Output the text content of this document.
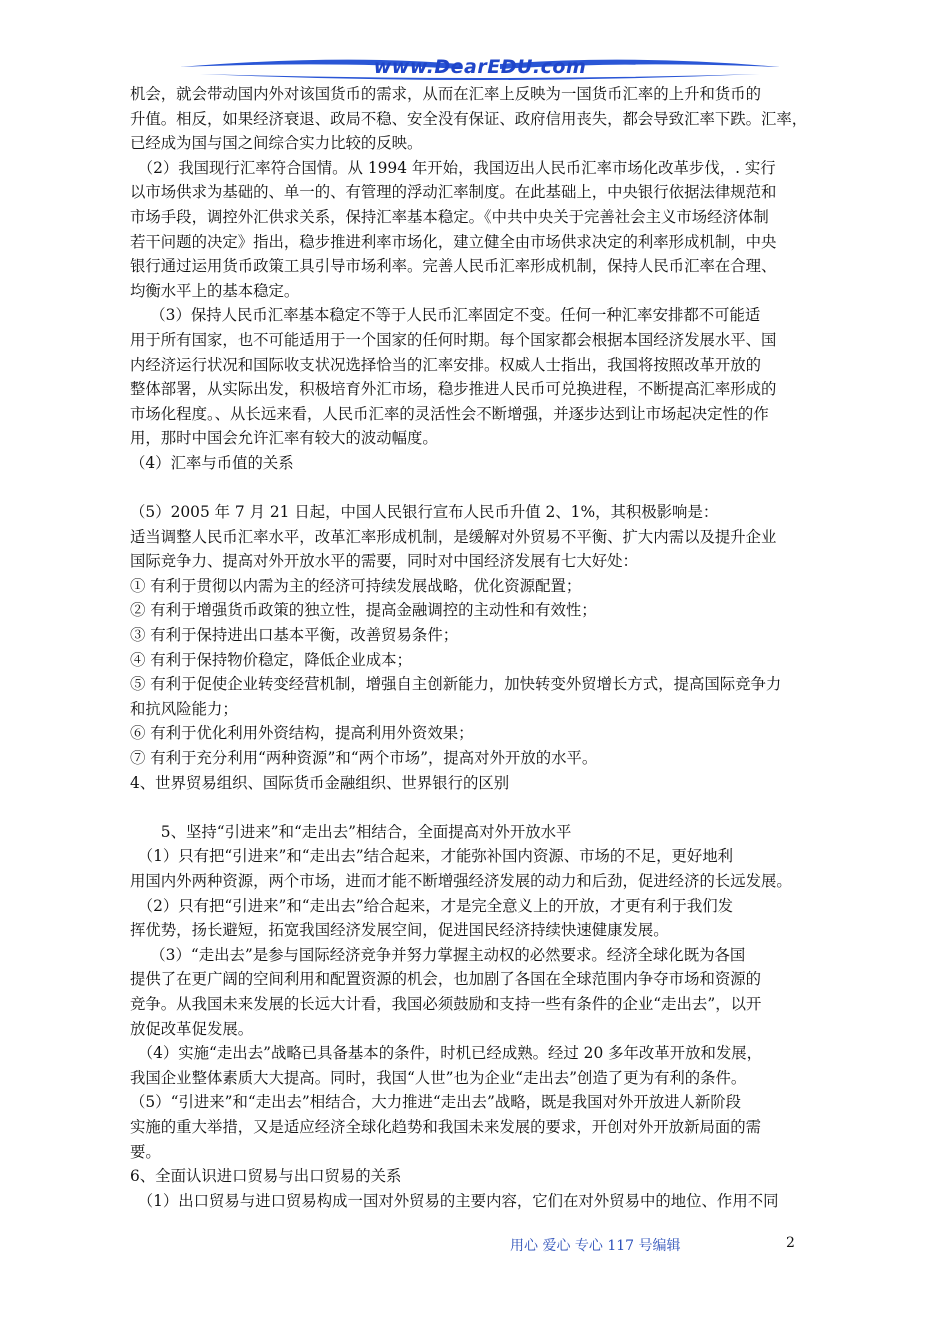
www.DearEDU.com
机会，就会带动国内外对该国货币的需求，从而在汇率上反映为一国货币汇率的上升和货币的
升值。相反，如果经济衰退、政局不稳、安全没有保证、政府信用丧失，都会导致汇率下跌。汇率，
已经成为国与国之间综合实力比较的反映。
　（2）我国现行汇率符合国情。从 1994 年开始，我国迈出人民币汇率市场化改革步伐，. 实行
以市场供求为基础的、单一的、有管理的浮动汇率制度。在此基础上，中央银行依据法律规范和
市场手段，调控外汇供求关系，保持汇率基本稳定。《中共中央关于完善社会主义市场经济体制
若干问题的决定》指出，稳步推进利率市场化，建立健全由市场供求决定的利率形成机制，中央
银行通过运用货币政策工具引导市场利率。完善人民币汇率形成机制，保持人民币汇率在合理、
均衡水平上的基本稳定。
　 （3）保持人民币汇率基本稳定不等于人民币汇率固定不变。任何一种汇率安排都不可能适
用于所有国家，也不可能适用于一个国家的任何时期。每个国家都会根据本国经济发展水平、国
内经济运行状况和国际收支状况选择恰当的汇率安排。权威人士指出，我国将按照改革开放的
整体部署，从实际出发，积极培育外汇市场，稳步推进人民币可兑换进程，不断提高汇率形成的
市场化程度。、从长远来看，人民币汇率的灵活性会不断增强，并逐步达到让市场起决定性的作
用，那时中国会允许汇率有较大的波动幅度。
（4）汇率与币值的关系
（5）2005 年 7 月 21 日起，中国人民银行宣布人民币升值 2、1%，其积极影响是：
适当调整人民币汇率水平，改革汇率形成机制，是缓解对外贸易不平衡、扩大内需以及提升企业
国际竞争力、提高对外开放水平的需要，同时对中国经济发展有七大好处：
① 有利于贯彻以内需为主的经济可持续发展战略，优化资源配置；
② 有利于增强货币政策的独立性，提高金融调控的主动性和有效性；
③ 有利于保持进出口基本平衡，改善贸易条件；
④ 有利于保持物价稳定，降低企业成本；
⑤ 有利于促使企业转变经营机制，增强自主创新能力，加快转变外贸增长方式，提高国际竞争力
和抗风险能力；
⑥ 有利于优化利用外资结构，提高利用外资效果；
⑦ 有利于充分利用“两种资源”和“两个市场”，提高对外开放的水平。
4、世界贸易组织、国际货币金融组织、世界银行的区别
　　5、坚持“引进来”和“走出去”相结合，全面提高对外开放水平
　（1）只有把“引进来”和“走出去”结合起来，才能弥补国内资源、市场的不足，更好地利
用国内外两种资源，两个市场，进而才能不断增强经济发展的动力和后劲，促进经济的长远发展。
　（2）只有把“引进来”和“走出去”给合起来，才是完全意义上的开放，才更有利于我们发
挥优势，扬长避短，拓宽我国经济发展空间，促进国民经济持续快速健康发展。
　 （3）“走出去”是参与国际经济竞争并努力掌握主动权的必然要求。经济全球化既为各国
提供了在更广阔的空间利用和配置资源的机会，也加剧了各国在全球范围内争夺市场和资源的
竞争。从我国未来发展的长远大计看，我国必须鼓励和支持一些有条件的企业“走出去”，以开
放促改革促发展。
　（4）实施“走出去”战略已具备基本的条件，时机已经成熟。经过 20 多年改革开放和发展，
我国企业整体素质大大提高。同时，我国“人世”也为企业“走出去”创造了更为有利的条件。
（5）“引进来”和“走出去”相结合，大力推进“走出去”战略，既是我国对外开放进人新阶段
实施的重大举措，又是适应经济全球化趋势和我国未来发展的要求，开创对外开放新局面的需
要。
6、全面认识进口贸易与出口贸易的关系
　（1）出口贸易与进口贸易构成一国对外贸易的主要内容，它们在对外贸易中的地位、作用不同
用心 爱心 专心 117 号编辑	2
